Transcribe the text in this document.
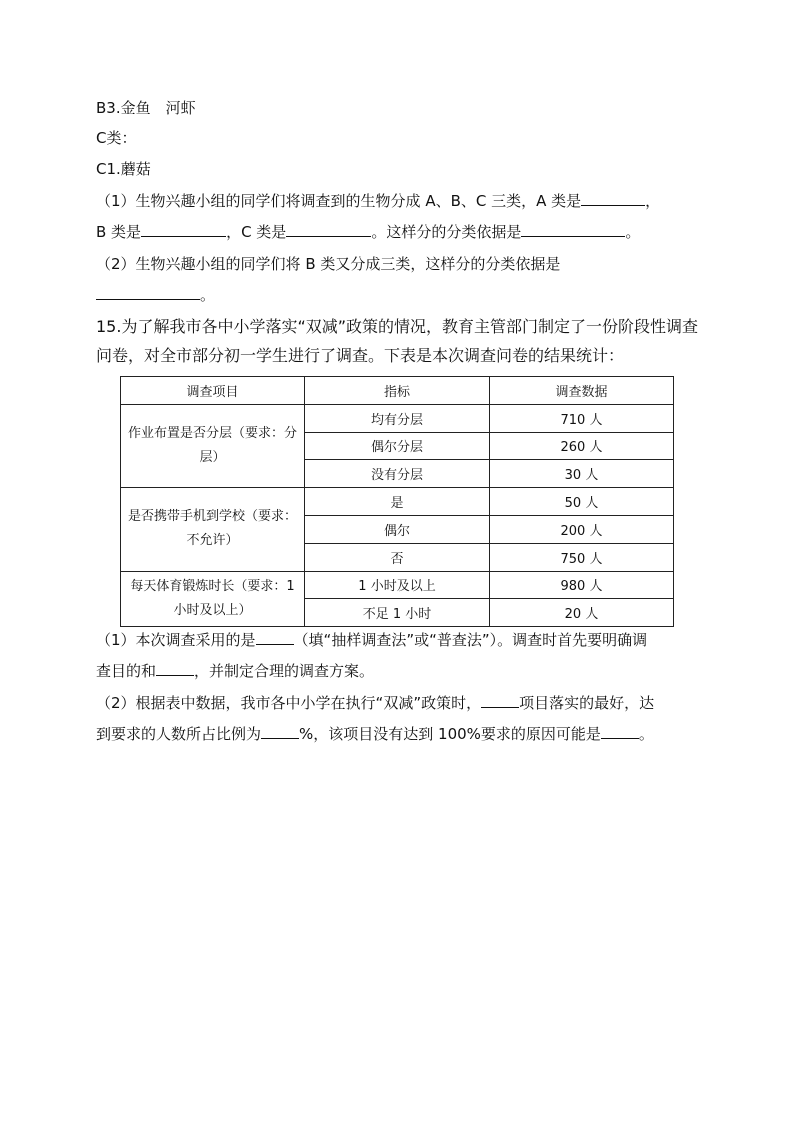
B3.金鱼　河虾
C类：
C1.蘑菇
（1）生物兴趣小组的同学们将调查到的生物分成 A、B、C 三类，A 类是	，
B 类是	，C 类是	。这样分的分类依据是	。
（2）生物兴趣小组的同学们将 B 类又分成三类，这样分的分类依据是
。
15.为了解我市各中小学落实“双减”政策的情况，教育主管部门制定了一份阶段性调查
问卷，对全市部分初一学生进行了调查。下表是本次调查问卷的结果统计：
调查项目	指标	调查数据
作业布置是否分层（要求：分层）	均有分层	710 人
	偶尔分层	260 人
	没有分层	30 人
是否携带手机到学校（要求：不允许）	是	50 人
	偶尔	200 人
	否	750 人
每天体育锻炼时长（要求：1 小时及以上）	1 小时及以上	980 人
	不足 1 小时	20 人
（1）本次调查采用的是	（填“抽样调查法”或“普查法”）。调查时首先要明确调
查目的和	，并制定合理的调查方案。
（2）根据表中数据，我市各中小学在执行“双减”政策时，	项目落实的最好，达
到要求的人数所占比例为	%，该项目没有达到 100%要求的原因可能是	。
